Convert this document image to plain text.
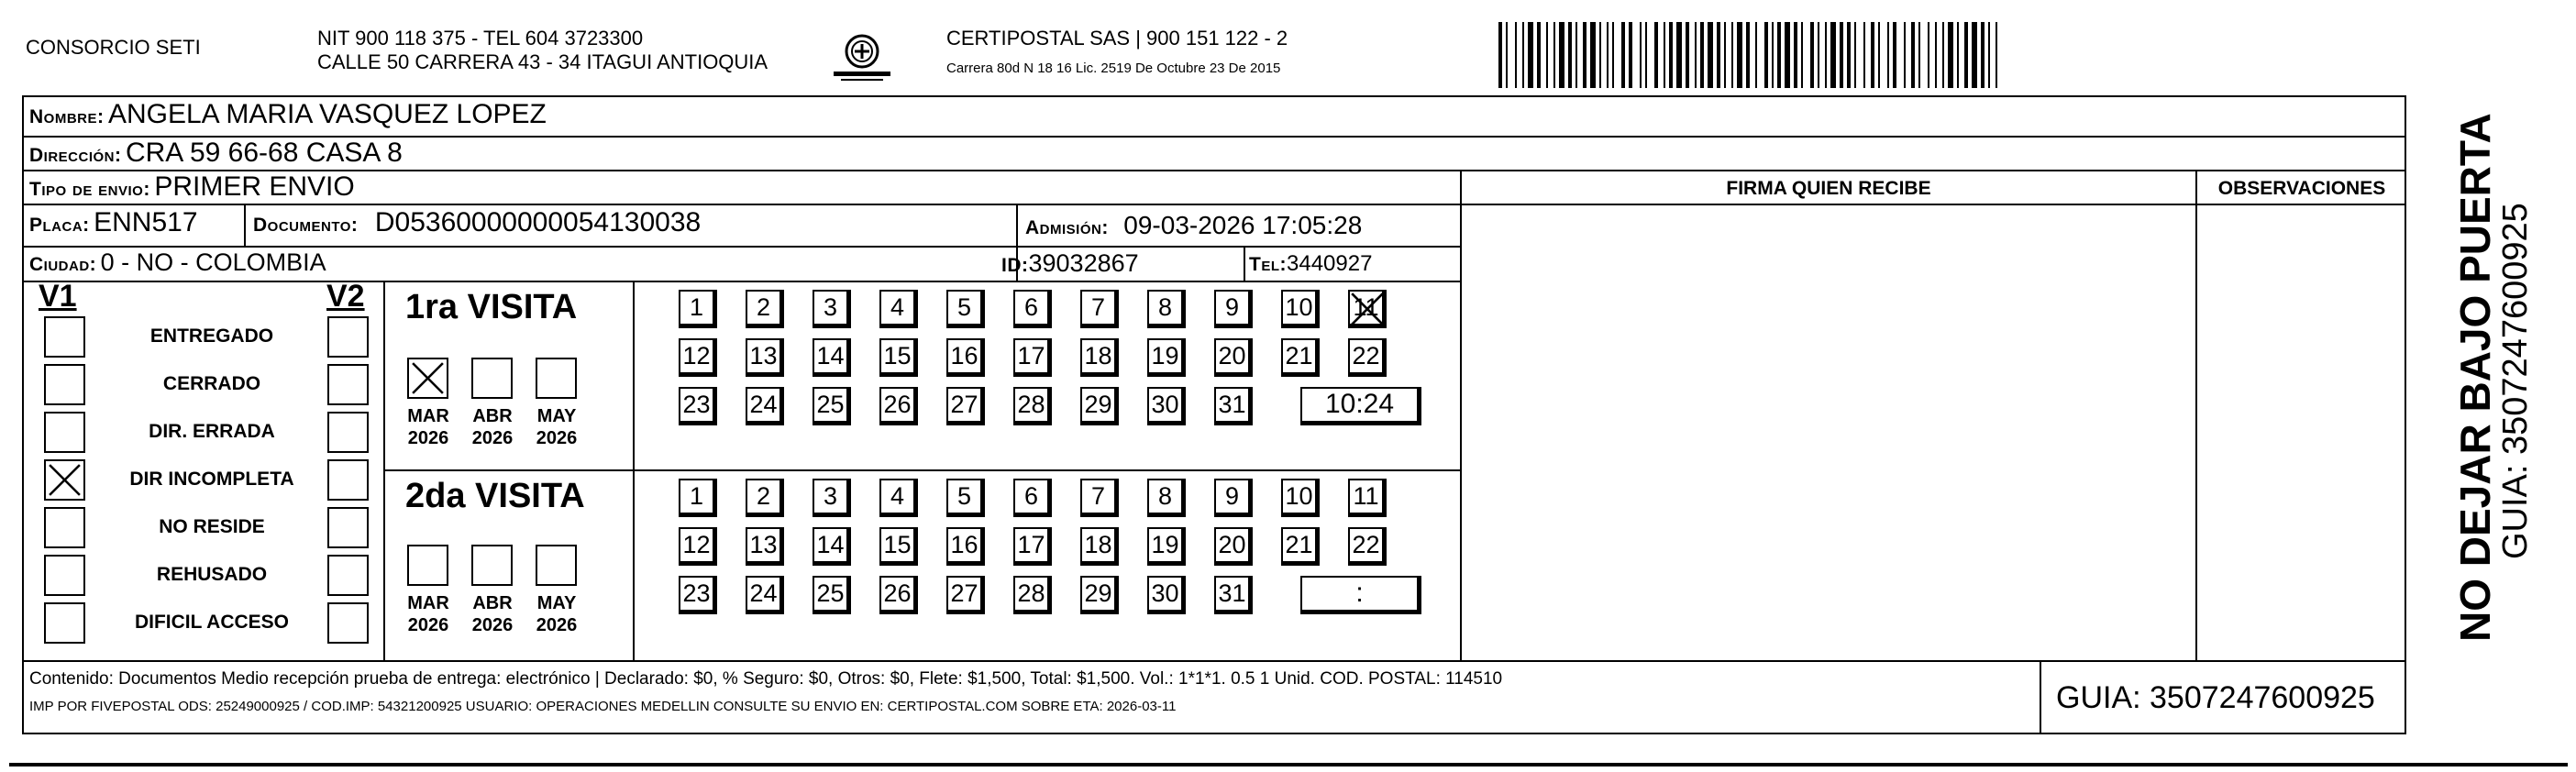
CONSORCIO SETI	NIT 900 118 375 - TEL 604 3723300
CALLE 50 CARRERA 43 - 34 ITAGUI ANTIOQUIA
CERTIPOSTAL SAS | 900 151 122 - 2
Carrera 80d N 18 16 Lic. 2519 De Octubre 23 De 2015
Nombre: ANGELA MARIA VASQUEZ LOPEZ
Dirección: CRA 59 66-68 CASA 8
Tipo de envio: PRIMER ENVIO
Placa: ENN517	Documento: D05360000000054130038	Admisión: 09-03-2026 17:05:28
Ciudad: 0 - NO - COLOMBIA	ID:39032867	Tel:3440927
FIRMA QUIEN RECIBE	OBSERVACIONES
V1	V2
ENTREGADO
CERRADO
DIR. ERRADA
DIR INCOMPLETA
NO RESIDE
REHUSADO
DIFICIL ACCESO
1ra VISITA
2da VISITA
MAR
2026
ABR
2026
MAY
2026
MAR
2026
ABR
2026
MAY
2026
1	2	3	4	5	6	7	8	9	10 11
12 13 14 15 16 17 18 19 20 21 22
23 24 25 26 27 28 29 30 31	10:24
1	2	3	4	5	6	7	8	9	10 11
12 13 14 15 16 17 18 19 20 21 22
23 24 25 26 27 28 29 30 31	:
Contenido: Documentos Medio recepción prueba de entrega: electrónico | Declarado: $0, % Seguro: $0, Otros: $0, Flete: $1,500, Total: $1,500. Vol.: 1*1*1. 0.5 1 Unid. COD. POSTAL: 114510
IMP POR FIVEPOSTAL ODS: 25249000925 / COD.IMP: 54321200925 USUARIO: OPERACIONES MEDELLIN CONSULTE SU ENVIO EN: CERTIPOSTAL.COM SOBRE ETA: 2026-03-11	GUIA: 3507247600925
NO DEJAR BAJO PUERTA
GUIA: 3507247600925
